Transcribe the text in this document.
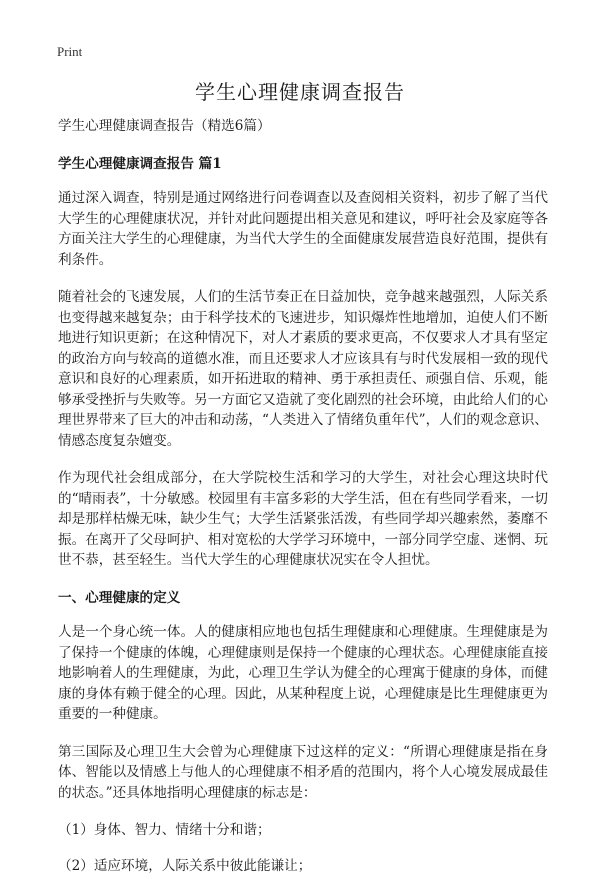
Print
学生心理健康调查报告
学生心理健康调查报告（精选6篇）
学生心理健康调查报告 篇1

通过深入调查，特别是通过网络进行问卷调查以及查阅相关资料，初步了解了当代大学生的心理健康状况，并针对此问题提出相关意见和建议，呼吁社会及家庭等各方面关注大学生的心理健康，为当代大学生的全面健康发展营造良好范围，提供有利条件。

随着社会的飞速发展，人们的生活节奏正在日益加快，竞争越来越强烈，人际关系也变得越来越复杂；由于科学技术的飞速进步，知识爆炸性地增加，迫使人们不断地进行知识更新；在这种情况下，对人才素质的要求更高，不仅要求人才具有坚定的政治方向与较高的道德水准，而且还要求人才应该具有与时代发展相一致的现代意识和良好的心理素质，如开拓进取的精神、勇于承担责任、顽强自信、乐观，能够承受挫折与失败等。另一方面它又造就了变化剧烈的社会环境，由此给人们的心理世界带来了巨大的冲击和动荡，“人类进入了情绪负重年代”，人们的观念意识、情感态度复杂嬗变。

作为现代社会组成部分，在大学院校生活和学习的大学生，对社会心理这块时代的“晴雨表”，十分敏感。校园里有丰富多彩的大学生活，但在有些同学看来，一切却是那样枯燥无味，缺少生气；大学生活紧张活泼，有些同学却兴趣索然，萎靡不振。在离开了父母呵护、相对宽松的大学学习环境中，一部分同学空虚、迷惘、玩世不恭，甚至轻生。当代大学生的心理健康状况实在令人担忧。

一、心理健康的定义

人是一个身心统一体。人的健康相应地也包括生理健康和心理健康。生理健康是为了保持一个健康的体魄，心理健康则是保持一个健康的心理状态。心理健康能直接地影响着人的生理健康，为此，心理卫生学认为健全的心理寓于健康的身体，而健康的身体有赖于健全的心理。因此，从某种程度上说，心理健康是比生理健康更为重要的一种健康。

第三国际及心理卫生大会曾为心理健康下过这样的定义：“所谓心理健康是指在身体、智能以及情感上与他人的心理健康不相矛盾的范围内，将个人心境发展成最佳的状态。”还具体地指明心理健康的标志是：

（1）身体、智力、情绪十分和谐；
（2）适应环境，人际关系中彼此能谦让；
